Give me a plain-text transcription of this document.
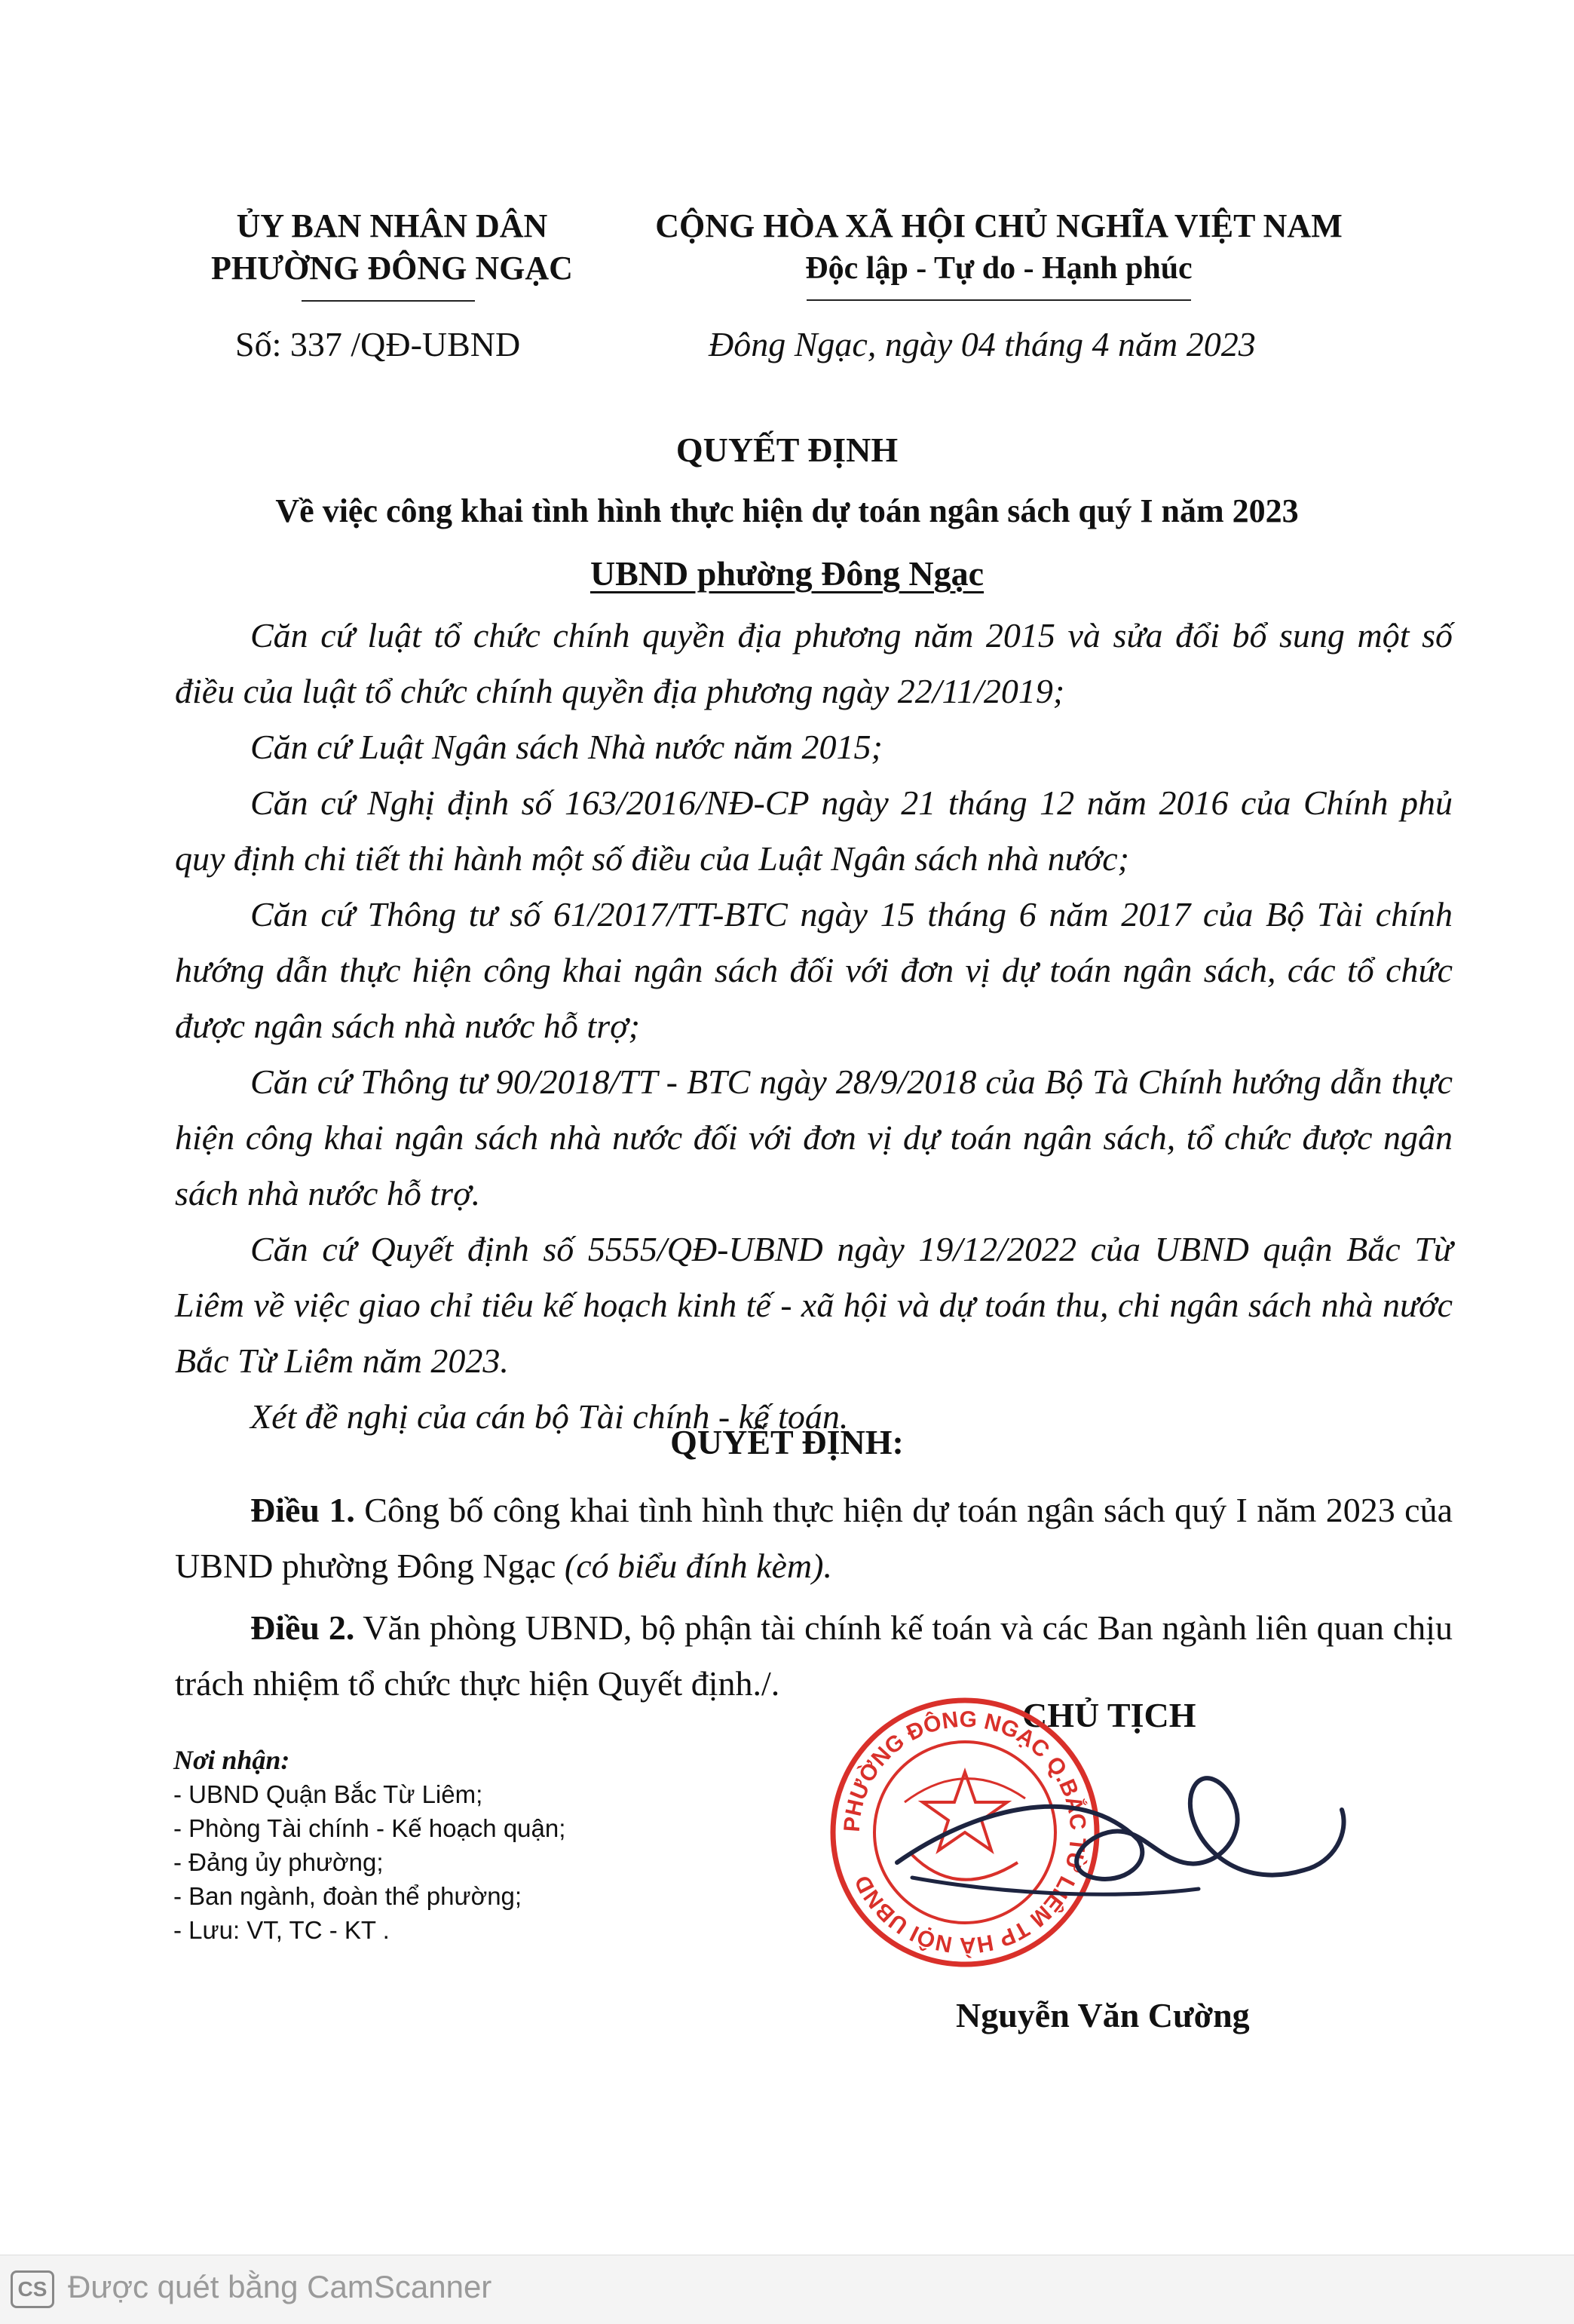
ỦY BAN NHÂN DÂN
PHƯỜNG ĐÔNG NGẠC
CỘNG HÒA XÃ HỘI CHỦ NGHĨA VIỆT NAM
Độc lập - Tự do - Hạnh phúc
Số: 337 /QĐ-UBND	Đông Ngạc, ngày 04 tháng 4 năm 2023
QUYẾT ĐỊNH
Về việc công khai tình hình thực hiện dự toán ngân sách quý I năm 2023
UBND phường Đông Ngạc

Căn cứ luật tổ chức chính quyền địa phương năm 2015 và sửa đổi bổ sung một số điều của luật tổ chức chính quyền địa phương ngày 22/11/2019;

Căn cứ Luật Ngân sách Nhà nước năm 2015;

Căn cứ Nghị định số 163/2016/NĐ-CP ngày 21 tháng 12 năm 2016 của Chính phủ quy định chi tiết thi hành một số điều của Luật Ngân sách nhà nước;

Căn cứ Thông tư số 61/2017/TT-BTC ngày 15 tháng 6 năm 2017 của Bộ Tài chính hướng dẫn thực hiện công khai ngân sách đối với đơn vị dự toán ngân sách, các tổ chức được ngân sách nhà nước hỗ trợ;

Căn cứ Thông tư 90/2018/TT - BTC ngày 28/9/2018 của Bộ Tà Chính hướng dẫn thực hiện công khai ngân sách nhà nước đối với đơn vị dự toán ngân sách, tổ chức được ngân sách nhà nước hỗ trợ.

Căn cứ Quyết định số 5555/QĐ-UBND ngày 19/12/2022 của UBND quận Bắc Từ Liêm về việc giao chỉ tiêu kế hoạch kinh tế - xã hội và dự toán thu, chi ngân sách nhà nước Bắc Từ Liêm năm 2023.

Xét đề nghị của cán bộ Tài chính - kế toán.

QUYẾT ĐỊNH:

Điều 1. Công bố công khai tình hình thực hiện dự toán ngân sách quý I năm 2023 của UBND phường Đông Ngạc (có biểu đính kèm).

Điều 2. Văn phòng UBND, bộ phận tài chính kế toán và các Ban ngành liên quan chịu trách nhiệm tổ chức thực hiện Quyết định./.

CHỦ TỊCH
Nơi nhận:
- UBND Quận Bắc Từ Liêm;
- Phòng Tài chính - Kế hoạch quận;
- Đảng ủy phường;
- Ban ngành, đoàn thể phường;
- Lưu: VT, TC - KT .
PHƯỜNG ĐÔNG NGẠC Q.BẮC TỪ LIÊM TP HÀ NỘI UBND
Nguyễn Văn Cường
CS Được quét bằng CamScanner
